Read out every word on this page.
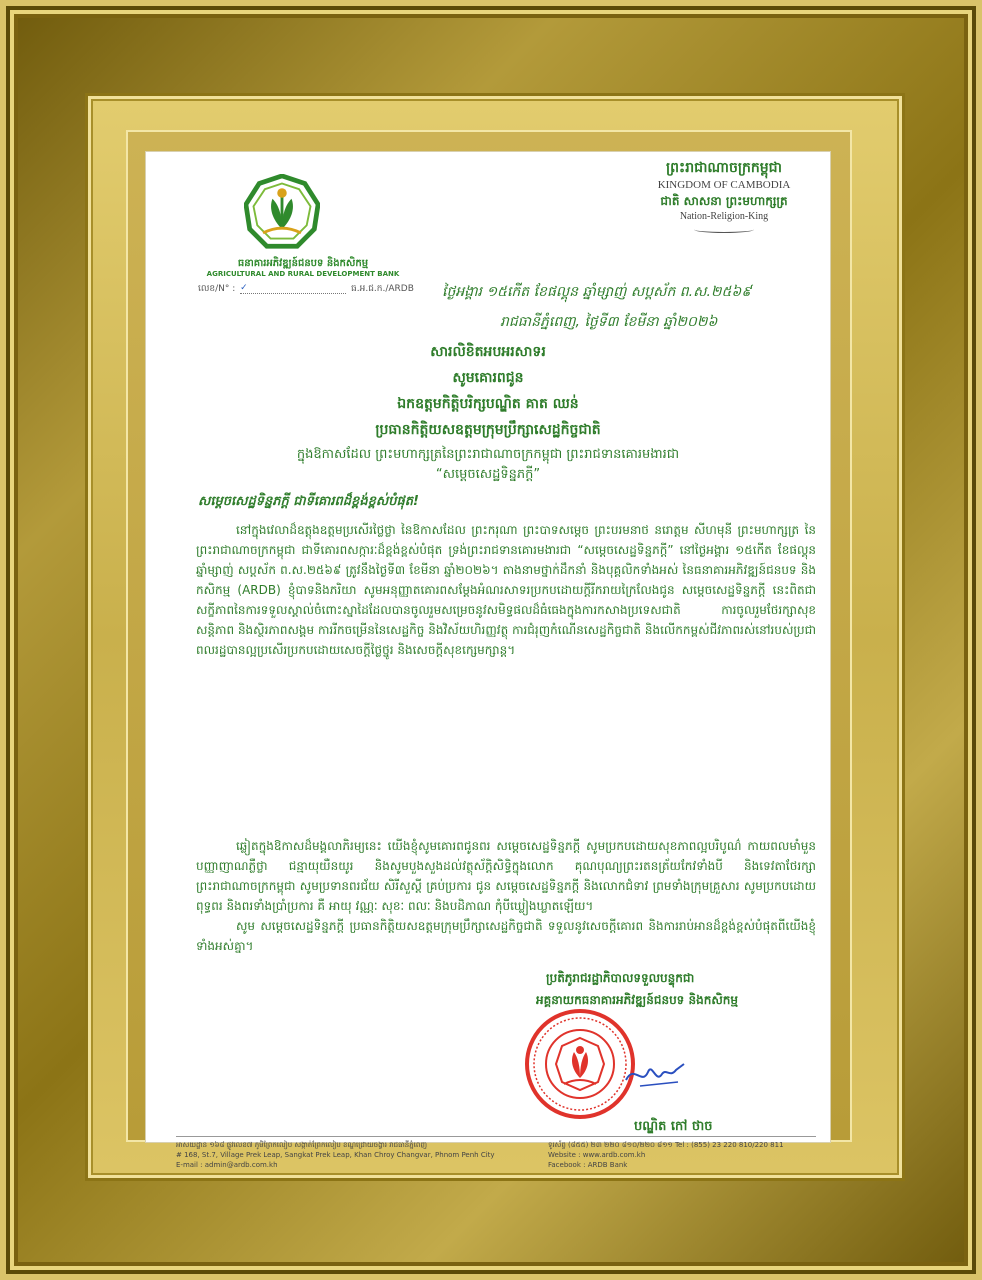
ធនាគារអភិវឌ្ឍន៍ជនបទ និងកសិកម្ម
AGRICULTURAL AND RURAL DEVELOPMENT BANK
លេខ/N° : ✓	ធ.អ.ជ.ក./ARDB
ព្រះរាជាណាចក្រកម្ពុជា
KINGDOM OF CAMBODIA
ជាតិ សាសនា ព្រះមហាក្សត្រ
Nation-Religion-King
ថ្ងៃអង្គារ ១៥កើត ខែផល្គុន ឆ្នាំម្សាញ់ សប្តស័ក ព.ស.២៥៦៩
រាជធានីភ្នំពេញ, ថ្ងៃទី៣ ខែមីនា ឆ្នាំ២០២៦
សារលិខិតអបអរសាទរ
សូមគោរពជូន
ឯកឧត្តមកិត្តិបរិក្សបណ្ឌិត គាត ឈន់
ប្រធានកិត្តិយសឧត្តមក្រុមប្រឹក្សាសេដ្ឋកិច្ចជាតិ
ក្នុងឱកាសដែល ព្រះមហាក្សត្រនៃព្រះរាជាណាចក្រកម្ពុជា ព្រះរាជទានគោរមងារជា
“សម្តេចសេដ្ឋទិន្នភក្តី”
សម្តេចសេដ្ឋទិន្នភក្តី ជាទីគោរពដ៏ខ្ពង់ខ្ពស់បំផុត!
នៅក្នុងវេលាដ៏ឧត្តុងឧត្តមប្រសើរថ្លៃថ្លា នៃឱកាសដែល ព្រះករុណា ព្រះបាទសម្តេច ព្រះបរមនាថ នរោត្តម សីហមុនី ព្រះមហាក្សត្រ នៃព្រះរាជាណាចក្រកម្ពុជា ជាទីគោរពសក្ការៈដ៏ខ្ពង់ខ្ពស់បំផុត ទ្រង់ព្រះរាជទានគោរមងារជា “សម្តេចសេដ្ឋទិន្នភក្តី” នៅថ្ងៃអង្គារ ១៥កើត ខែផល្គុន ឆ្នាំម្សាញ់ សប្តស័ក ព.ស.២៥៦៩ ត្រូវនឹងថ្ងៃទី៣ ខែមីនា ឆ្នាំ២០២៦។ តាងនាមថ្នាក់ដឹកនាំ និងបុគ្គលិកទាំងអស់ នៃធនាគារអភិវឌ្ឍន៍ជនបទ និងកសិកម្ម (ARDB) ខ្ញុំបាទនិងភរិយា សូមអនុញ្ញាតគោរពសម្តែងអំណរសាទរប្រកបដោយក្តីរីករាយក្រៃលែងជូន សម្តេចសេដ្ឋទិន្នភក្តី នេះពិតជាសក្ខីភាពនៃការទទួលស្គាល់ចំពោះស្នាដៃដែលបានចូលរួមសម្រេចនូវសមិទ្ធផលដ៏ធំធេងក្នុងការកសាងប្រទេសជាតិ ការចូលរួមថែរក្សាសុខសន្តិភាព និងស្ថិរភាពសង្គម ការរីកចម្រើននៃសេដ្ឋកិច្ច និងវិស័យហិរញ្ញវត្ថុ ការជំរុញកំណើនសេដ្ឋកិច្ចជាតិ និងលើកកម្ពស់ជីវភាពរស់នៅរបស់ប្រជាពលរដ្ឋបានល្អប្រសើរប្រកបដោយសេចក្តីថ្លៃថ្នូរ និងសេចក្តីសុខក្សេមក្សាន្ត។
ឆ្លៀតក្នុងឱកាសដ៏មង្គលាភិរម្យនេះ យើងខ្ញុំសូមគោរពជូនពរ សម្តេចសេដ្ឋទិន្នភក្តី សូមប្រកបដោយសុខភាពល្អបរិបូណ៌ កាយពលមាំមួន បញ្ញាញាណភ្លឺថ្លា ជន្មាយុយឺនយូរ និងសូមបួងសួងដល់វត្ថុស័ក្តិសិទ្ធិក្នុងលោក គុណបុណ្យព្រះរតនត្រ័យកែវទាំងបី និងទេវតាថែរក្សា ព្រះរាជាណាចក្រកម្ពុជា សូមប្រទានពរជ័យ សិរីសួស្តី គ្រប់ប្រការ ជូន សម្តេចសេដ្ឋទិន្នភក្តី និងលោកជំទាវ ព្រមទាំងក្រុមគ្រួសារ សូមប្រកបដោយពុទ្ធពរ និងពរទាំងប្រាំប្រការ គឺ អាយុ វណ្ណៈ សុខៈ ពលៈ និងបដិភាណ កុំបីឃ្លៀងឃ្លាតឡើយ។
សូម សម្តេចសេដ្ឋទិន្នភក្តី ប្រធានកិត្តិយសឧត្តមក្រុមប្រឹក្សាសេដ្ឋកិច្ចជាតិ ទទួលនូវសេចក្តីគោរព និងការរាប់អានដ៏ខ្ពង់ខ្ពស់បំផុតពីយើងខ្ញុំទាំងអស់គ្នា។
ប្រតិភូរាជរដ្ឋាភិបាលទទួលបន្ទុកជា
អគ្គនាយកធនាគារអភិវឌ្ឍន៍ជនបទ និងកសិកម្ម
បណ្ឌិត កៅ ថាច
អាសយដ្ឋាន ១៦៨ ផ្លូវលេខ៧ ភូមិព្រែកលៀប សង្កាត់ព្រែកលៀប ខណ្ឌជ្រោយចង្វារ រាជធានីភ្នំពេញ
# 168, St.7, Village Prek Leap, Sangkat Prek Leap, Khan Chroy Changvar, Phnom Penh City
E-mail : admin@ardb.com.kh
ទូរស័ព្ទ (៨៥៥) ២៣ ២២០ ៨១០/២២០ ៨១១ Tel : (855) 23 220 810/220 811
Website : www.ardb.com.kh
Facebook : ARDB Bank
